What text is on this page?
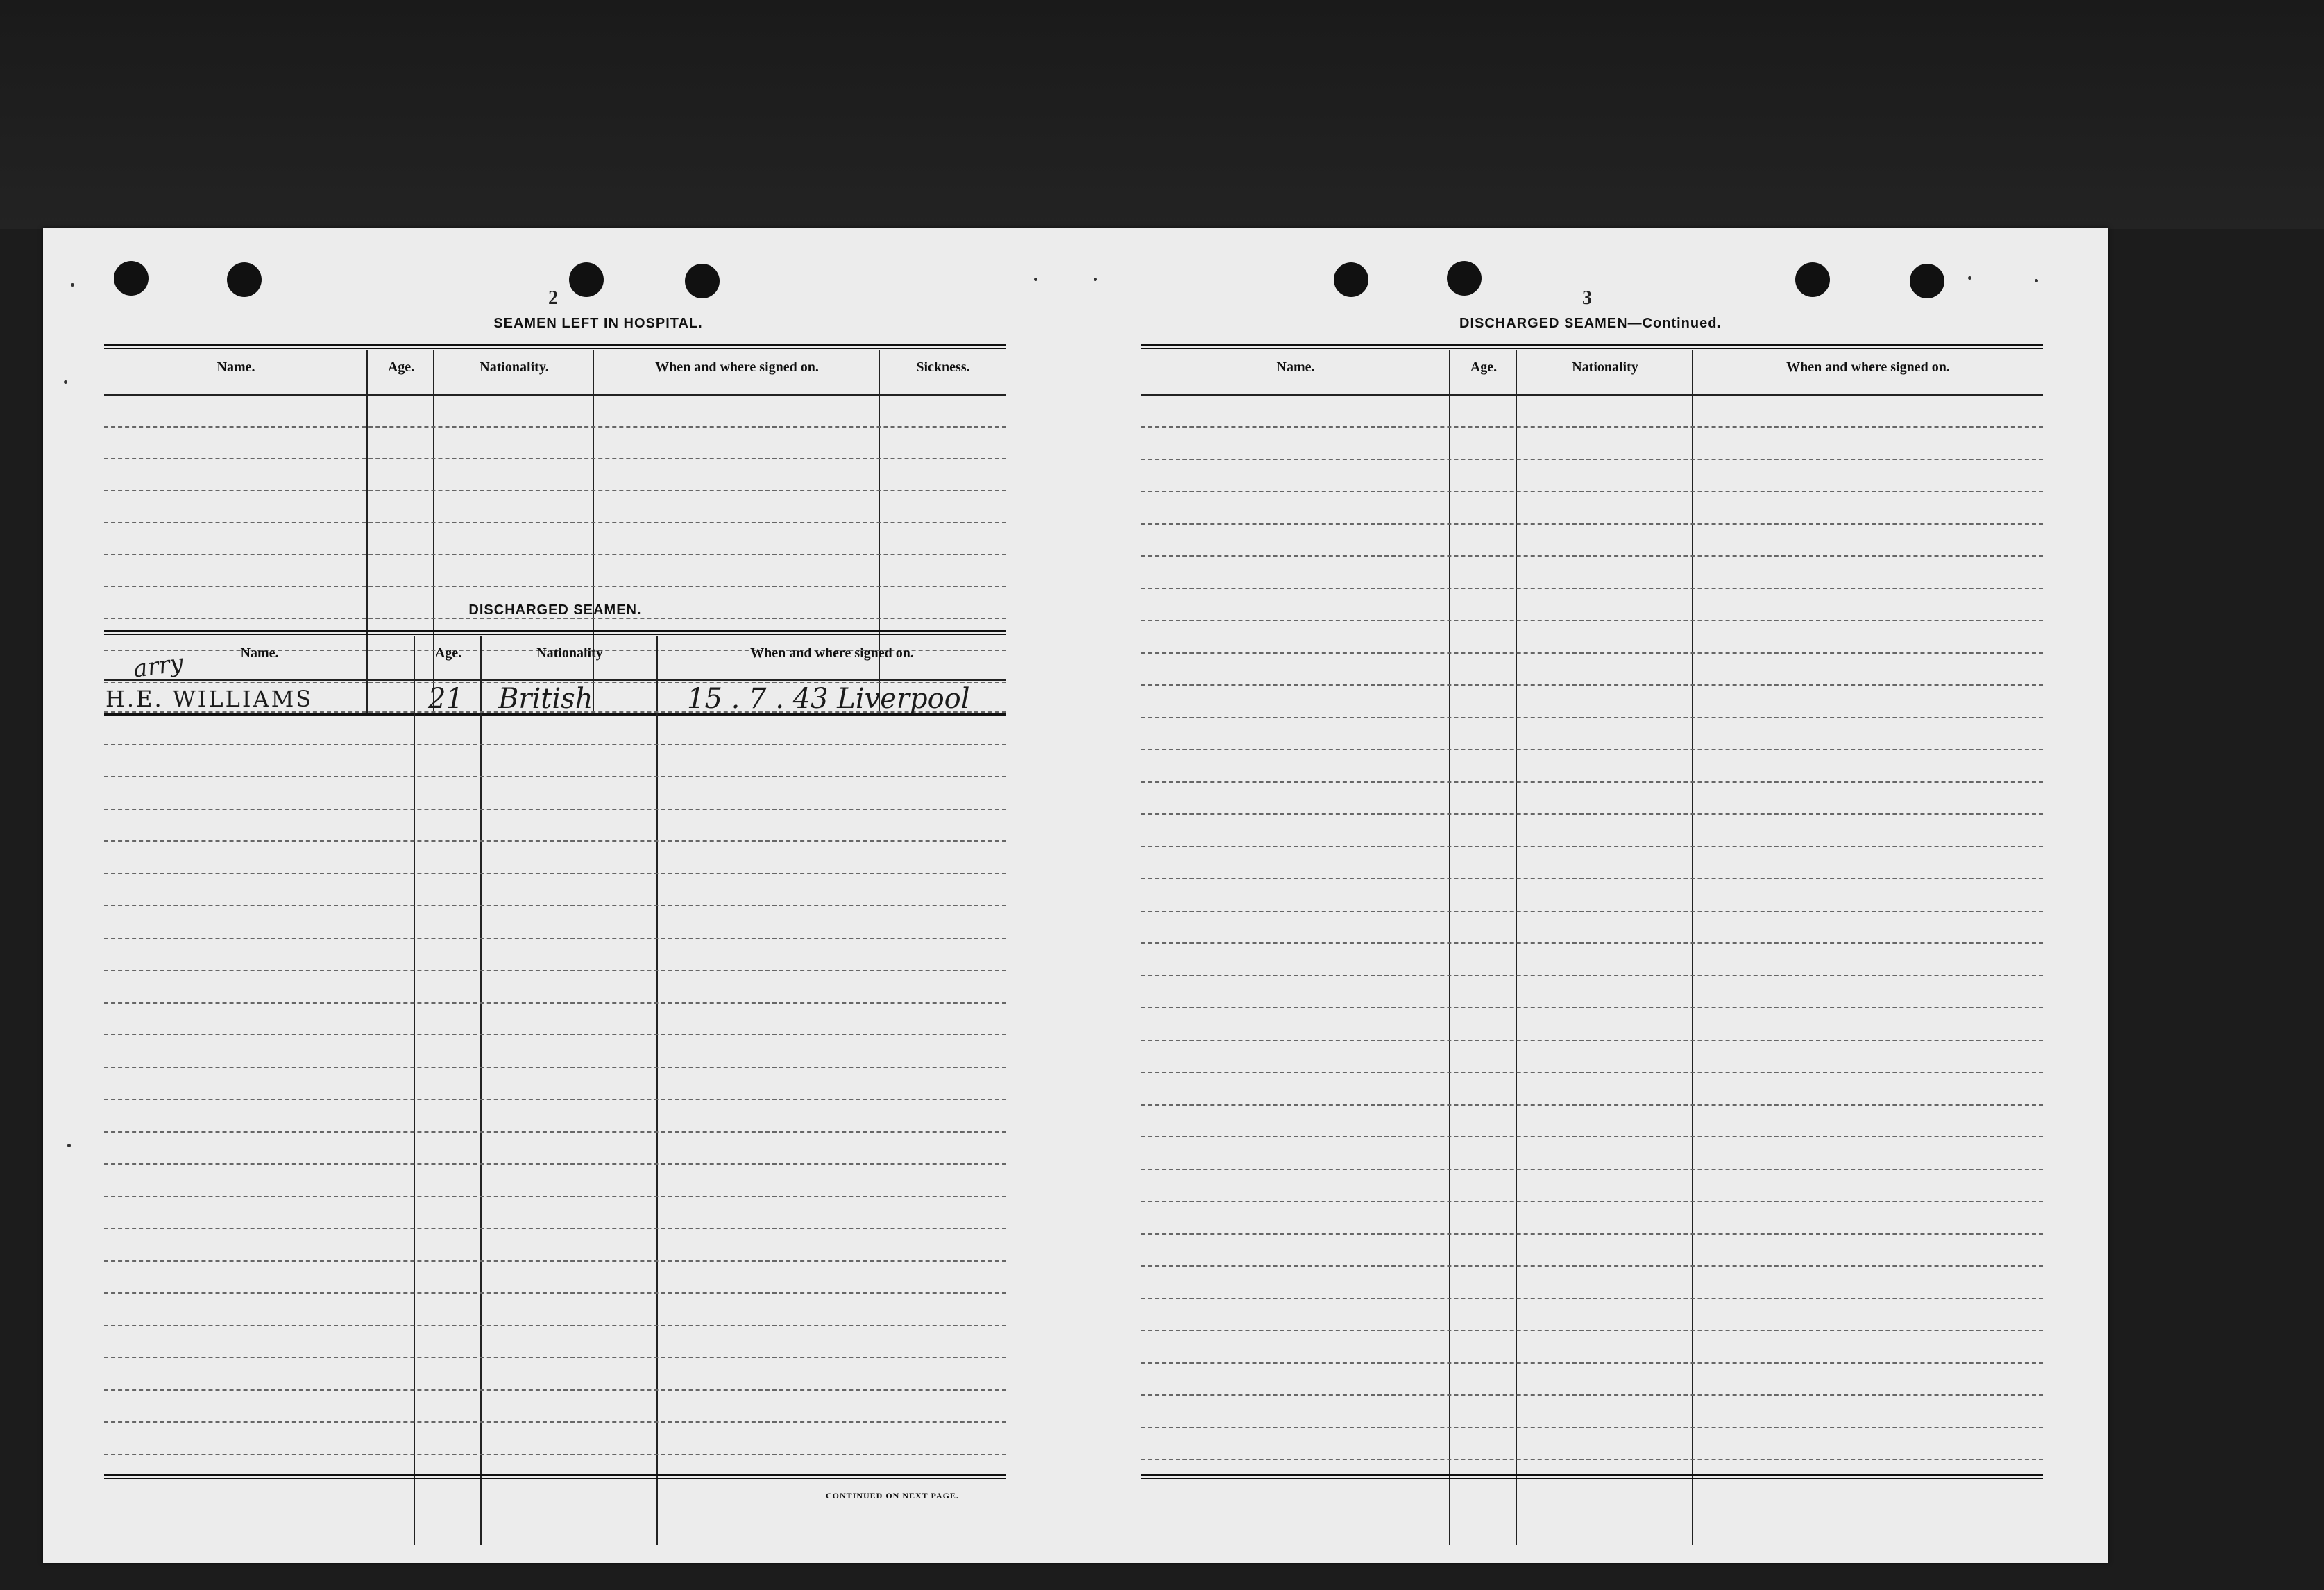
2
SEAMEN LEFT IN HOSPITAL.
Name.	Age.	Nationality.	When and where signed on.	Sickness.
DISCHARGED SEAMEN.
Name.	Age.	Nationality	When and where signed on.
arry
H.E. WILLIAMS	21 British	15 . 7 . 43 Liverpool
CONTINUED ON NEXT PAGE.
3
DISCHARGED SEAMEN—Continued.
Name.	Age.	Nationality	When and where signed on.
